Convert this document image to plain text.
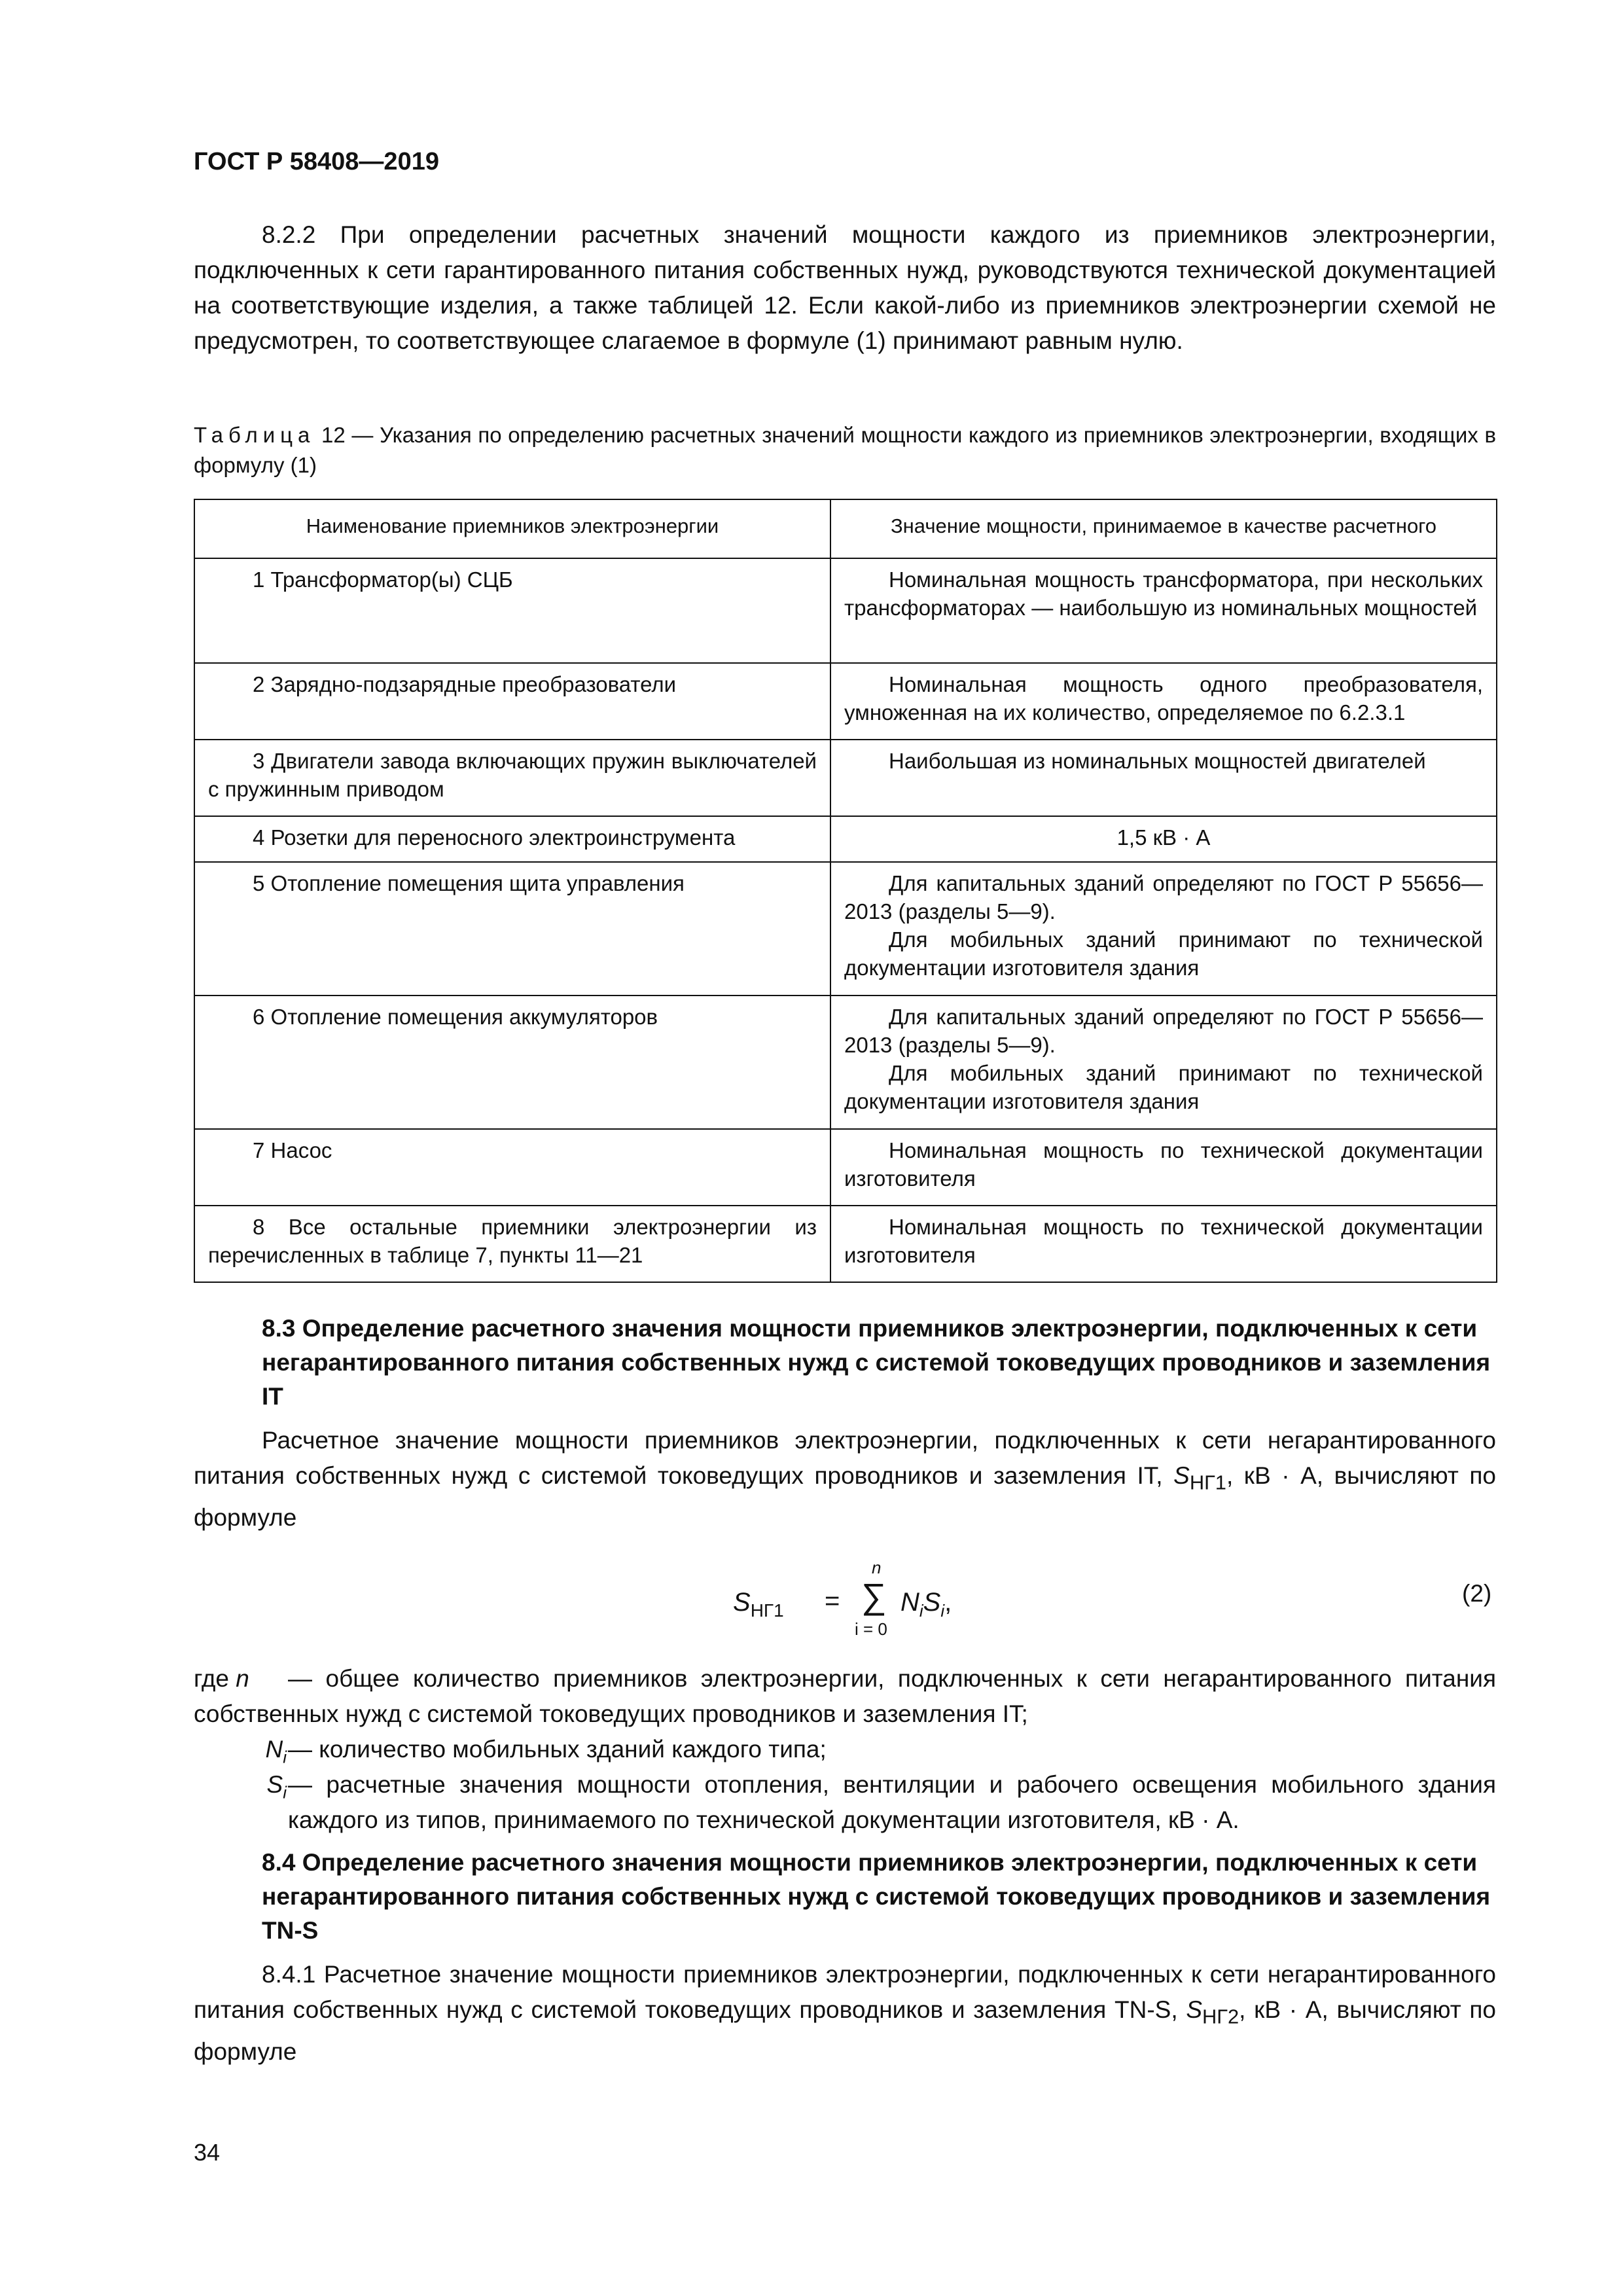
ГОСТ Р 58408—2019

8.2.2 При определении расчетных значений мощности каждого из приемников электроэнергии, подключенных к сети гарантированного питания собственных нужд, руководствуются технической документацией на соответствующие изделия, а также таблицей 12. Если какой-либо из приемников электроэнергии схемой не предусмотрен, то соответствующее слагаемое в формуле (1) принимают равным нулю.

Таблица 12 — Указания по определению расчетных значений мощности каждого из приемников электроэнергии, входящих в формулу (1)

Наименование приемников электроэнергии	Значение мощности, принимаемое в качестве расчетного
1 Трансформатор(ы) СЦБ	Номинальная мощность трансформатора, при нескольких трансформаторах — наибольшую из номинальных мощностей
2 Зарядно-подзарядные преобразователи	Номинальная мощность одного преобразователя, умноженная на их количество, определяемое по 6.2.3.1
3 Двигатели завода включающих пружин выключателей с пружинным приводом	Наибольшая из номинальных мощностей двигателей
4 Розетки для переносного электроинструмента	1,5 кВ · А
5 Отопление помещения щита управления	Для капитальных зданий определяют по ГОСТ Р 55656—2013 (разделы 5—9).

Для мобильных зданий принимают по технической документации изготовителя здания

6 Отопление помещения аккумуляторов	Для капитальных зданий определяют по ГОСТ Р 55656—2013 (разделы 5—9).

Для мобильных зданий принимают по технической документации изготовителя здания

7 Насос	Номинальная мощность по технической документации изготовителя
8 Все остальные приемники электроэнергии из перечисленных в таблице 7, пункты 11—21	Номинальная мощность по технической документации изготовителя

8.3 Определение расчетного значения мощности приемников электроэнергии, подключенных к сети негарантированного питания собственных нужд с системой токоведущих проводников и заземления IT

Расчетное значение мощности приемников электроэнергии, подключенных к сети негарантированного питания собственных нужд с системой токоведущих проводников и заземления IT, $S_{НГ1}$, кВ · А, вычисляют по формуле

$S_{НГ1}$ =
n
∑
i = 0
$N_iS_i$,	(2)
где n	— общее количество приемников электроэнергии, подключенных к сети негарантированного питания собственных нужд с системой токоведущих проводников и заземления IT;
$N_i$ — количество мобильных зданий каждого типа;
$S_i$ — расчетные значения мощности отопления, вентиляции и рабочего освещения мобильного здания каждого из типов, принимаемого по технической документации изготовителя, кВ · А.

8.4 Определение расчетного значения мощности приемников электроэнергии, подключенных к сети негарантированного питания собственных нужд с системой токоведущих проводников и заземления TN-S

8.4.1 Расчетное значение мощности приемников электроэнергии, подключенных к сети негарантированного питания собственных нужд с системой токоведущих проводников и заземления TN-S, $S_{НГ2}$, кВ · А, вычисляют по формуле

34
